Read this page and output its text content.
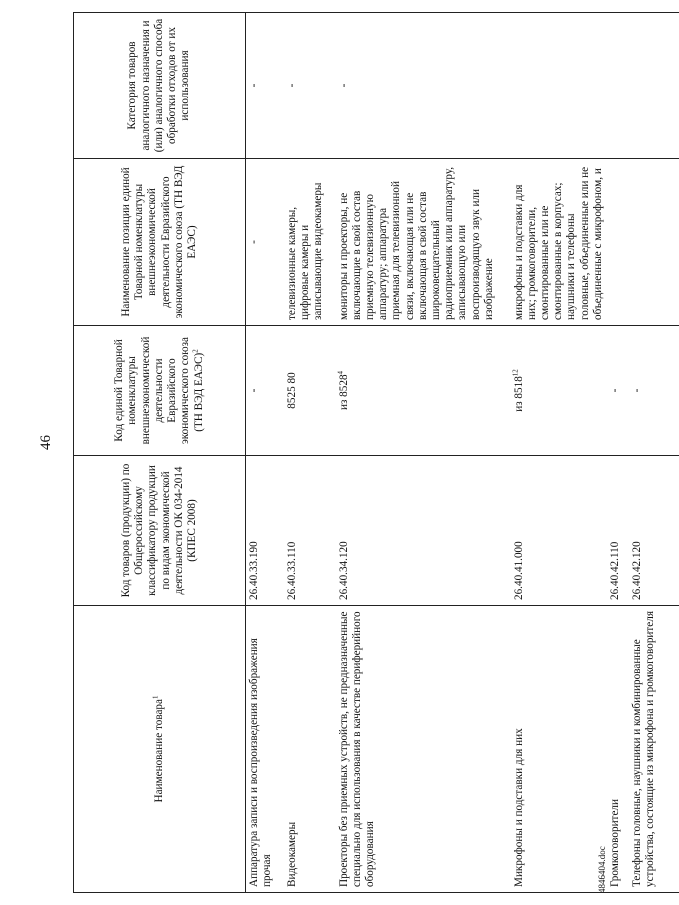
46
4846404.doc
Наименование товара$^1$	Код товаров (продукции) по Общероссийскому классификатору продукции по видам экономической деятельности ОК 034-2014 (КПЕС 2008)	Код единой Товарной номенклатуры внешнеэкономической деятельности Евразийского экономического союза (ТН ВЭД ЕАЭС)$^2$	Наименование позиции единой Товарной номенклатуры внешнеэкономической деятельности Евразийского экономического союза (ТН ВЭД ЕАЭС)	Категория товаров аналогичного назначения и (или) аналогичного способа обработки отходов от их использования
Аппаратура записи и воспроизведения изображения прочая	26.40.33.190	-	-	-
Видеокамеры	26.40.33.110	8525 80	телевизионные камеры, цифровые камеры и записывающие видеокамеры	-
Проекторы без приемных устройств, не предназначенные специально для использования в качестве периферийного оборудования	26.40.34.120	из 8528$^4$	мониторы и проекторы, не включающие в свой состав приемную телевизионную аппаратуру; аппаратура приемная для телевизионной связи, включающая или не включающая в свой состав широковещательный радиоприемник или аппаратуру, записывающую или воспроизводящую звук или изображение	-
Микрофоны и подставки для них	26.40.41.000	из 8518$^{12}$	микрофоны и подставки для них; громкоговорители, смонтированные или не смонтированные в корпусах; наушники и телефоны головные, объединенные или не объединенные с микрофоном, и	
Громкоговорители	26.40.42.110	-		
Телефоны головные, наушники и комбинированные устройства, состоящие из микрофона и громкоговорителя	26.40.42.120	-		
